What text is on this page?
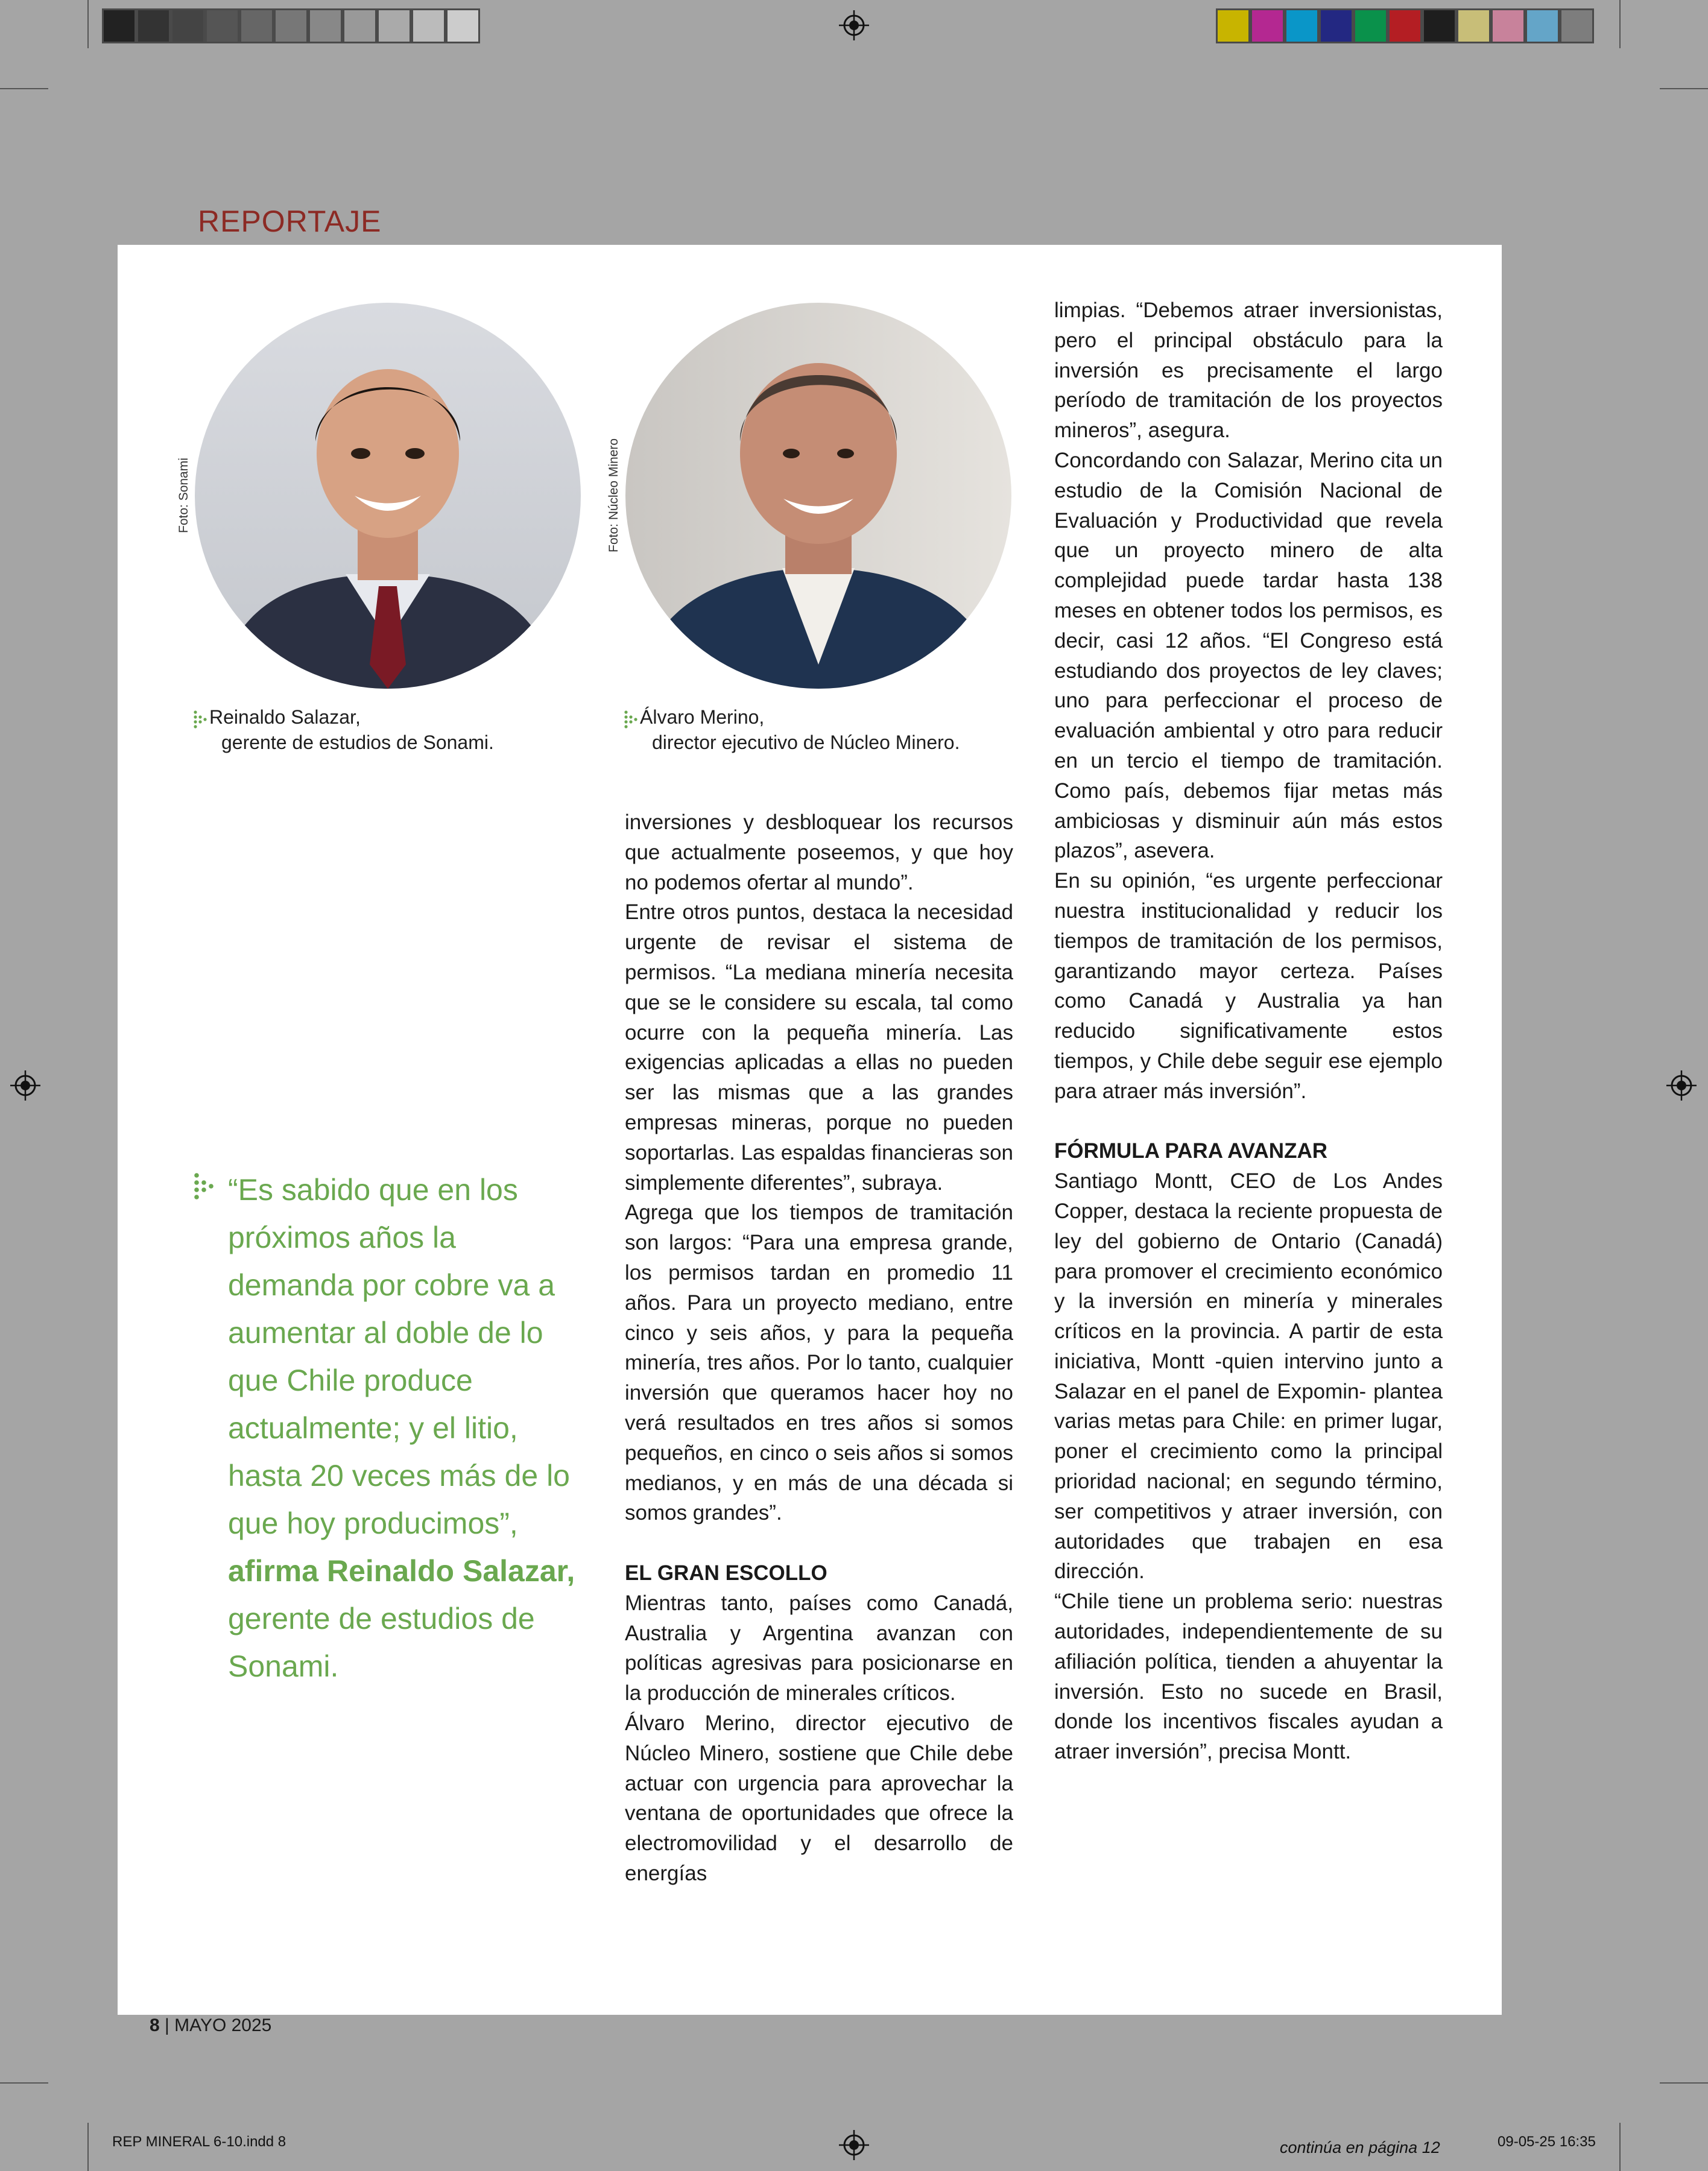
REPORTAJE
Foto: Sonami	Foto: Núcleo Minero
Reinaldo Salazar,
gerente de estudios de Sonami.
Álvaro Merino,
director ejecutivo de Núcleo Minero.
“Es sabido que en los próximos años la demanda por cobre va a aumentar al doble de lo que Chile produce actualmente; y el litio, hasta 20 veces más de lo que hoy producimos”, afirma Reinaldo Salazar, gerente de estudios de Sonami.

inversiones y desbloquear los recursos que actualmente poseemos, y que hoy no podemos ofertar al mundo”.

Entre otros puntos, destaca la necesidad urgente de revisar el sistema de permisos. “La mediana minería necesita que se le considere su escala, tal como ocurre con la pequeña minería. Las exigencias aplicadas a ellas no pueden ser las mismas que a las grandes empresas mineras, porque no pueden soportarlas. Las espaldas financieras son simplemente diferentes”, subraya.

Agrega que los tiempos de tramitación son largos: “Para una empresa grande, los permisos tardan en promedio 11 años. Para un proyecto mediano, entre cinco y seis años, y para la pequeña minería, tres años. Por lo tanto, cualquier inversión que queramos hacer hoy no verá resultados en tres años si somos pequeños, en cinco o seis años si somos medianos, y en más de una década si somos grandes”.

EL GRAN ESCOLLO

Mientras tanto, países como Canadá, Australia y Argentina avanzan con políticas agresivas para posicionarse en la producción de minerales críticos.

Álvaro Merino, director ejecutivo de Núcleo Minero, sostiene que Chile debe actuar con urgencia para aprovechar la ventana de oportunidades que ofrece la electromovilidad y el desarrollo de energías

limpias. “Debemos atraer inversionistas, pero el principal obstáculo para la inversión es precisamente el largo período de tramitación de los proyectos mineros”, asegura.

Concordando con Salazar, Merino cita un estudio de la Comisión Nacional de Evaluación y Productividad que revela que un proyecto minero de alta complejidad puede tardar hasta 138 meses en obtener todos los permisos, es decir, casi 12 años. “El Congreso está estudiando dos proyectos de ley claves; uno para perfeccionar el proceso de evaluación ambiental y otro para reducir en un tercio el tiempo de tramitación. Como país, debemos fijar metas más ambiciosas y disminuir aún más estos plazos”, asevera.

En su opinión, “es urgente perfeccionar nuestra institucionalidad y reducir los tiempos de tramitación de los permisos, garantizando mayor certeza. Países como Canadá y Australia ya han reducido significativamente estos tiempos, y Chile debe seguir ese ejemplo para atraer más inversión”.

FÓRMULA PARA AVANZAR

Santiago Montt, CEO de Los Andes Copper, destaca la reciente propuesta de ley del gobierno de Ontario (Canadá) para promover el crecimiento económico y la inversión en minería y minerales críticos en la provincia. A partir de esta iniciativa, Montt -quien intervino junto a Salazar en el panel de Expomin- plantea varias metas para Chile: en primer lugar, poner el crecimiento como la principal prioridad nacional; en segundo término, ser competitivos y atraer inversión, con autoridades que trabajen en esa dirección.

“Chile tiene un problema serio: nuestras autoridades, independientemente de su afiliación política, tienden a ahuyentar la inversión. Esto no sucede en Brasil, donde los incentivos fiscales ayudan a atraer inversión”, precisa Montt.

8 | MAYO 2025
continúa en página 12
REP MINERAL 6-10.indd 8	09-05-25 16:35
